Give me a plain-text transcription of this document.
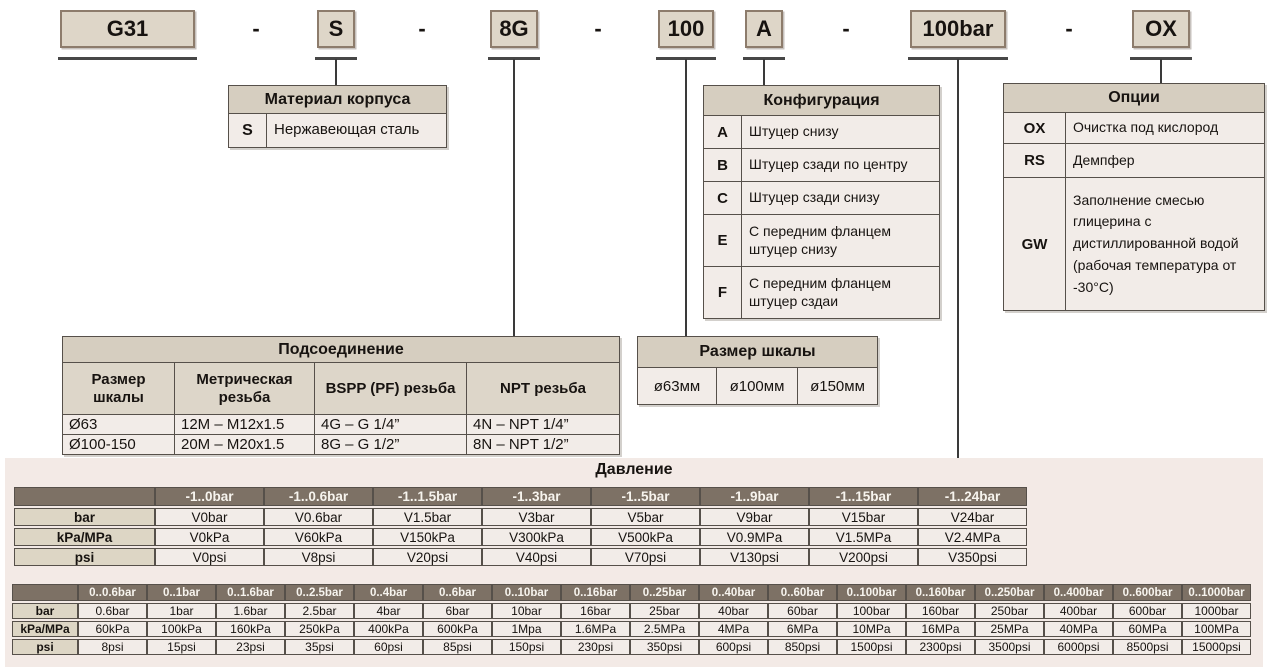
G31	S	8G	100	A	100bar	OX
-	-	-	-	-
Материал корпуса
S	Нержавеющая сталь
Конфигурация	
A	Штуцер снизу
B	Штуцер сзади по центру
C	Штуцер сзади снизу
E	С передним фланцем штуцер снизу
F	С передним фланцем штуцер сздаи
Опции	
OX	Очистка под кислород
RS	Демпфер
GW	Заполнение смесью глицерина с дистиллированной водой (рабочая температура от -30°C)
Подсоединение			
Размер шкалы	Метрическая резьба	BSPP (PF) резьба	NPT резьба
Ø63	12M – M12x1.5	4G – G 1/4”	4N – NPT 1/4”
Ø100-150	20M – M20x1.5	8G – G 1/2”	8N – NPT 1/2”
Размер шкалы
ø63мм	ø100мм	ø150мм
Давление
	-1..0bar	-1..0.6bar	-1..1.5bar	-1..3bar	-1..5bar	-1..9bar	-1..15bar	-1..24bar
bar	V0bar	V0.6bar	V1.5bar	V3bar	V5bar	V9bar	V15bar	V24bar
kPa/MPa	V0kPa	V60kPa	V150kPa	V300kPa	V500kPa	V0.9MPa	V1.5MPa	V2.4MPa
psi	V0psi	V8psi	V20psi	V40psi	V70psi	V130psi	V200psi	V350psi
	0..0.6bar	0..1bar	0..1.6bar	0..2.5bar	0..4bar	0..6bar	0..10bar	0..16bar	0..25bar	0..40bar	0..60bar	0..100bar	0..160bar	0..250bar	0..400bar	0..600bar	0..1000bar
bar	0.6bar	1bar	1.6bar	2.5bar	4bar	6bar	10bar	16bar	25bar	40bar	60bar	100bar	160bar	250bar	400bar	600bar	1000bar
kPa/MPa	60kPa	100kPa	160kPa	250kPa	400kPa	600kPa	1Mpa	1.6MPa	2.5MPa	4MPa	6MPa	10MPa	16MPa	25MPa	40MPa	60MPa	100MPa
psi	8psi	15psi	23psi	35psi	60psi	85psi	150psi	230psi	350psi	600psi	850psi	1500psi	2300psi	3500psi	6000psi	8500psi	15000psi
